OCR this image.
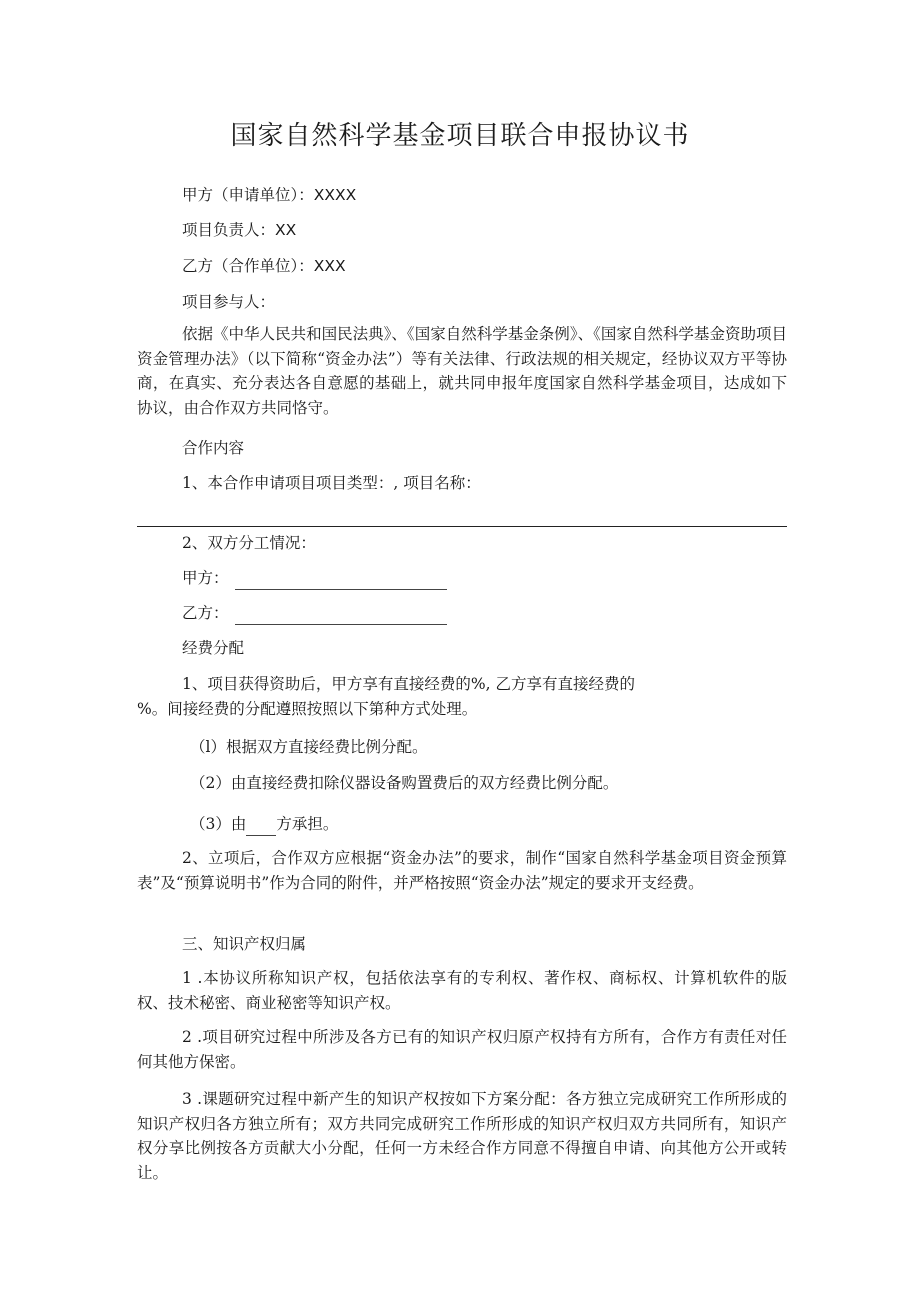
国家自然科学基金项目联合申报协议书
甲方（申请单位）：XXXX
项目负责人：XX
乙方（合作单位）：XXX
项目参与人：
依据《中华人民共和国民法典》、《国家自然科学基金条例》、《国家自然科学基金资助项目资金管理办法》（以下简称“资金办法”）等有关法律、行政法规的相关规定，经协议双方平等协商，在真实、充分表达各自意愿的基础上，就共同申报年度国家自然科学基金项目，达成如下协议，由合作双方共同恪守。
合作内容
1、本合作申请项目项目类型：, 项目名称：
2、双方分工情况：
甲方：
乙方：
经费分配
1、项目获得资助后，甲方享有直接经费的%, 乙方享有直接经费的
%。间接经费的分配遵照按照以下第种方式处理。
（l）根据双方直接经费比例分配。
（2）由直接经费扣除仪器设备购置费后的双方经费比例分配。
（3）由 方承担。
2、立项后，合作双方应根据“资金办法”的要求，制作“国家自然科学基金项目资金预算表”及“预算说明书”作为合同的附件，并严格按照“资金办法”规定的要求开支经费。
三、知识产权归属
1 .本协议所称知识产权，包括依法享有的专利权、著作权、商标权、计算机软件的版权、技术秘密、商业秘密等知识产权。
2 .项目研究过程中所涉及各方已有的知识产权归原产权持有方所有，合作方有责任对任何其他方保密。
3 .课题研究过程中新产生的知识产权按如下方案分配：各方独立完成研究工作所形成的知识产权归各方独立所有；双方共同完成研究工作所形成的知识产权归双方共同所有，知识产权分享比例按各方贡献大小分配，任何一方未经合作方同意不得擅自申请、向其他方公开或转让。
